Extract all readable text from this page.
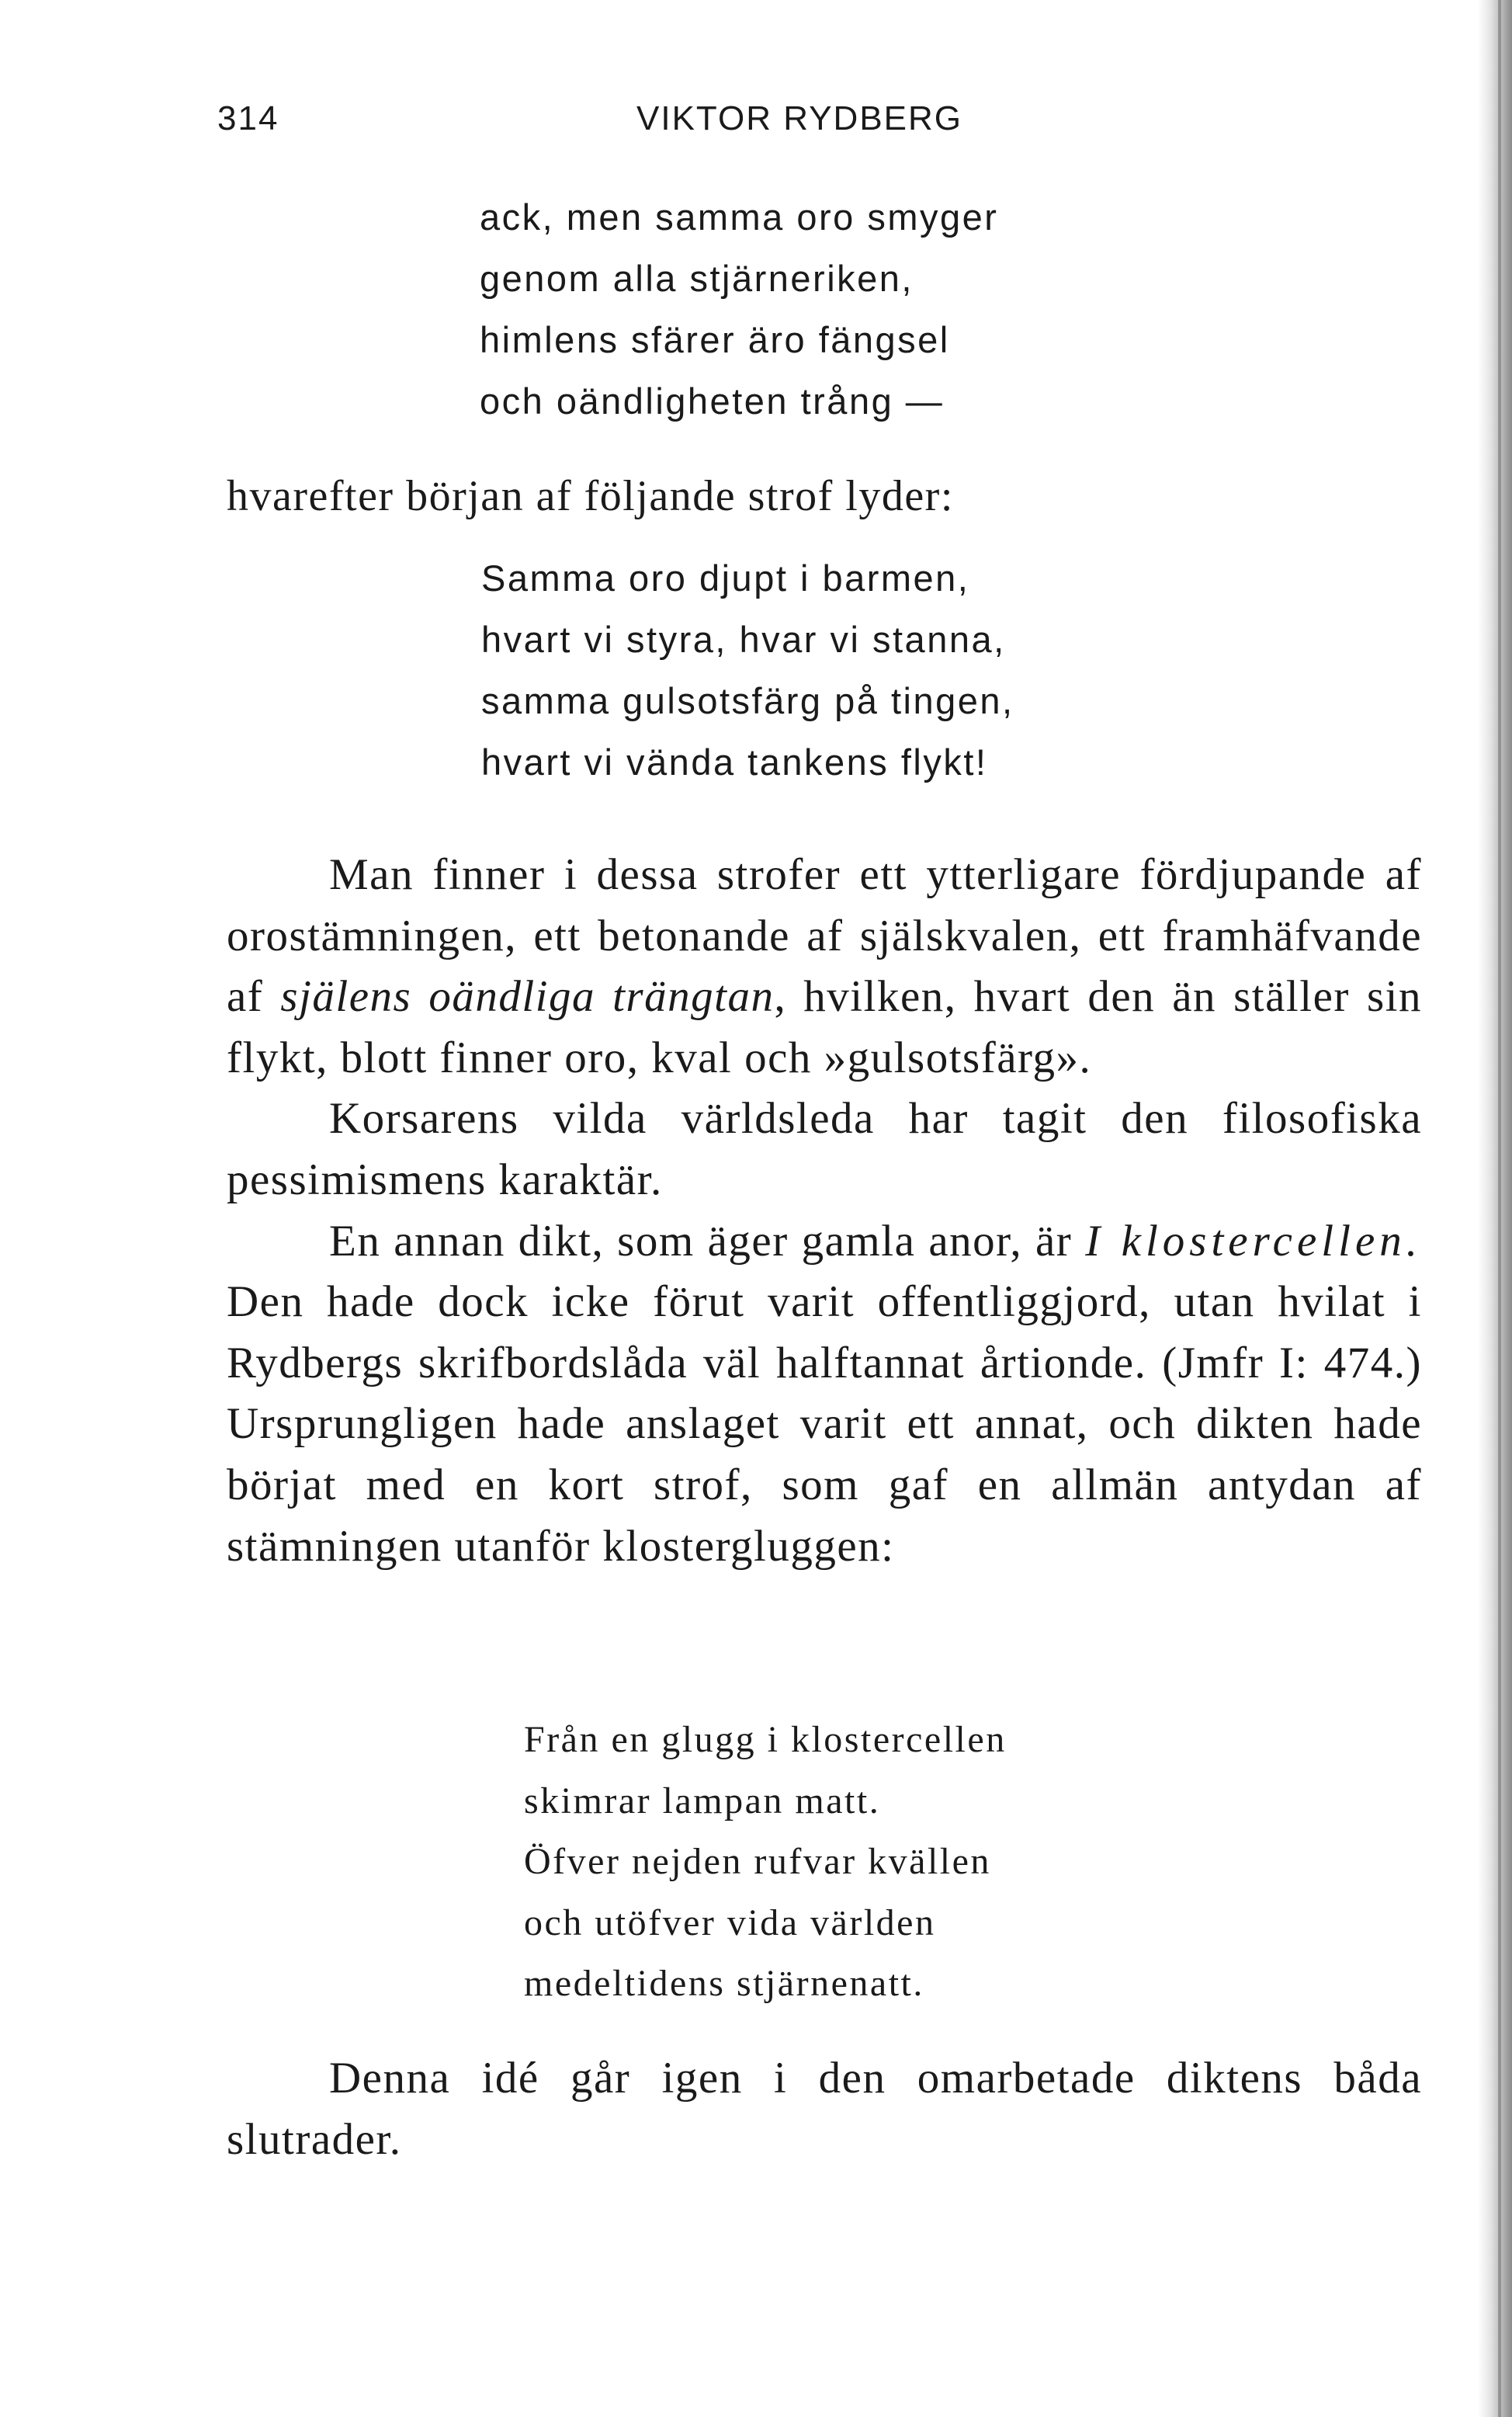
314	VIKTOR RYDBERG
ack, men samma oro smyger
genom alla stjärneriken,
himlens sfärer äro fängsel
och oändligheten trång —
hvarefter början af följande strof lyder:
Samma oro djupt i barmen,
hvart vi styra, hvar vi stanna,
samma gulsotsfärg på tingen,
hvart vi vända tankens flykt!

Man finner i dessa strofer ett ytterligare fördjupande af orostämningen, ett betonande af själskvalen, ett framhäfvande af själens oändliga trängtan, hvilken, hvart den än ställer sin flykt, blott finner oro, kval och »gulsotsfärg».

Korsarens vilda världsleda har tagit den filosofiska pessimismens karaktär.

En annan dikt, som äger gamla anor, är I klostercellen. Den hade dock icke förut varit offentliggjord, utan hvilat i Rydbergs skrifbordslåda väl halftannat årtionde. (Jmfr I: 474.) Ursprungligen hade anslaget varit ett annat, och dikten hade börjat med en kort strof, som gaf en allmän antydan af stämningen utanför klostergluggen:

Från en glugg i klostercellen
skimrar lampan matt.
Öfver nejden rufvar kvällen
och utöfver vida världen
medeltidens stjärnenatt.

Denna idé går igen i den omarbetade diktens båda slutrader.
